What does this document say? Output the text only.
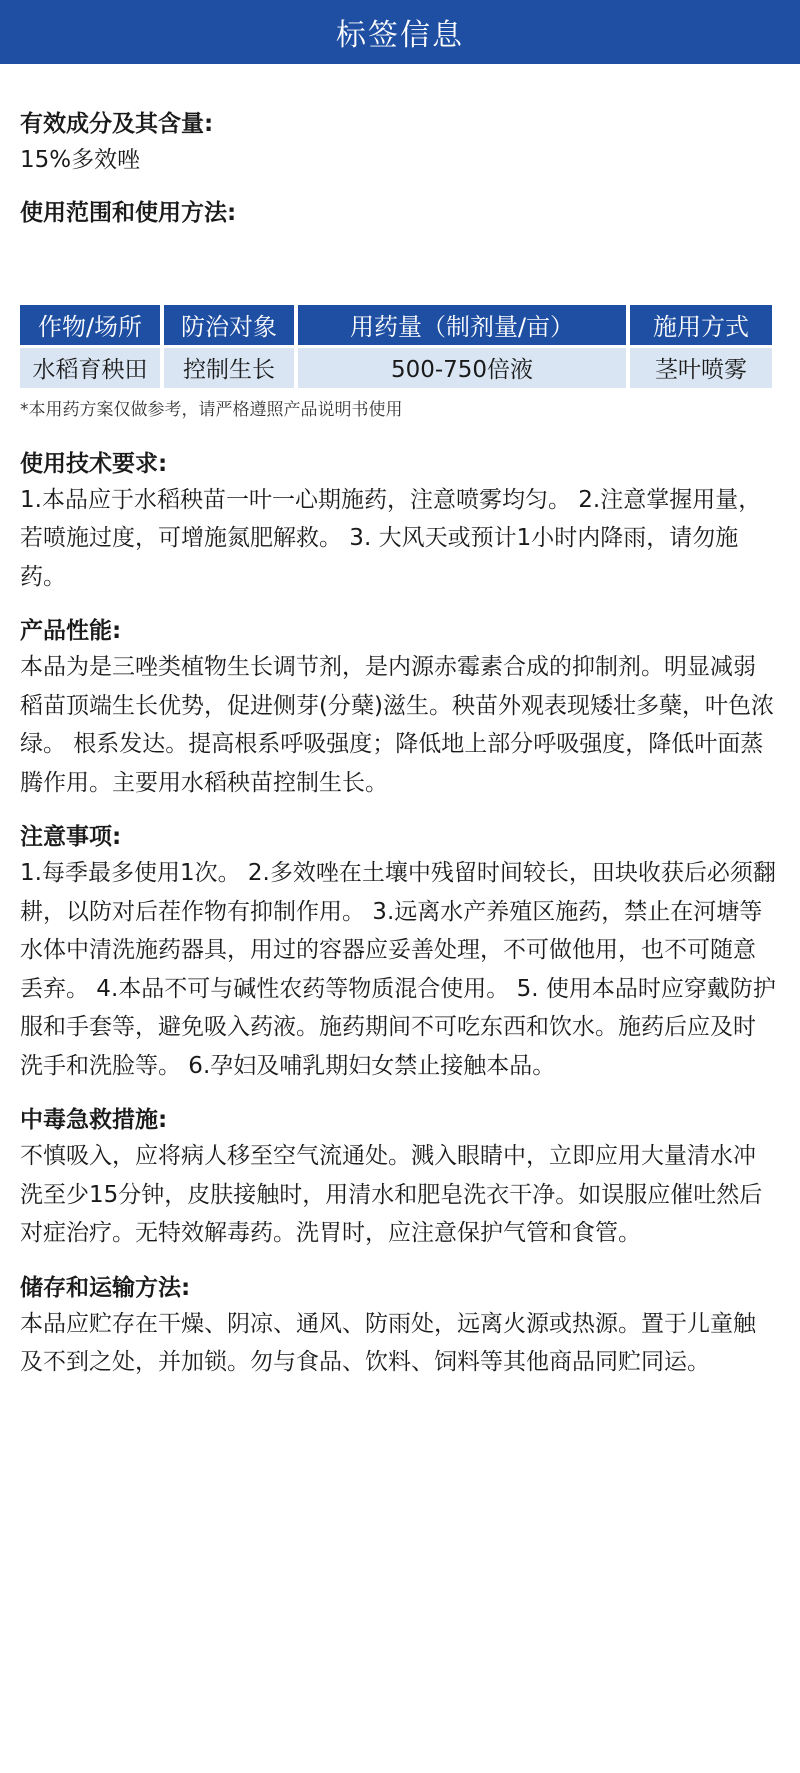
标签信息

有效成分及其含量:

15%多效唑

使用范围和使用方法:

作物/场所	防治对象	用药量（制剂量/亩）	施用方式
水稻育秧田	控制生长	500-750倍液	茎叶喷雾

*本用药方案仅做参考，请严格遵照产品说明书使用

使用技术要求:

1.本品应于水稻秧苗一叶一心期施药，注意喷雾均匀。 2.注意掌握用量，若喷施过度，可增施氮肥解救。 3. 大风天或预计1小时内降雨，请勿施药。

产品性能:

本品为是三唑类植物生长调节剂，是内源赤霉素合成的抑制剂。明显减弱稻苗顶端生长优势，促进侧芽(分蘖)滋生。秧苗外观表现矮壮多蘖，叶色浓绿。 根系发达。提高根系呼吸强度；降低地上部分呼吸强度，降低叶面蒸腾作用。主要用水稻秧苗控制生长。

注意事项:

1.每季最多使用1次。 2.多效唑在土壤中残留时间较长，田块收获后必须翻耕，以防对后茬作物有抑制作用。 3.远离水产养殖区施药，禁止在河塘等水体中清洗施药器具，用过的容器应妥善处理，不可做他用，也不可随意丢弃。 4.本品不可与碱性农药等物质混合使用。 5. 使用本品时应穿戴防护服和手套等，避免吸入药液。施药期间不可吃东西和饮水。施药后应及时洗手和洗脸等。 6.孕妇及哺乳期妇女禁止接触本品。

中毒急救措施:

不慎吸入，应将病人移至空气流通处。溅入眼睛中，立即应用大量清水冲洗至少15分钟，皮肤接触时，用清水和肥皂洗衣干净。如误服应催吐然后对症治疗。无特效解毒药。洗胃时，应注意保护气管和食管。

储存和运输方法:

本品应贮存在干燥、阴凉、通风、防雨处，远离火源或热源。置于儿童触及不到之处，并加锁。勿与食品、饮料、饲料等其他商品同贮同运。
